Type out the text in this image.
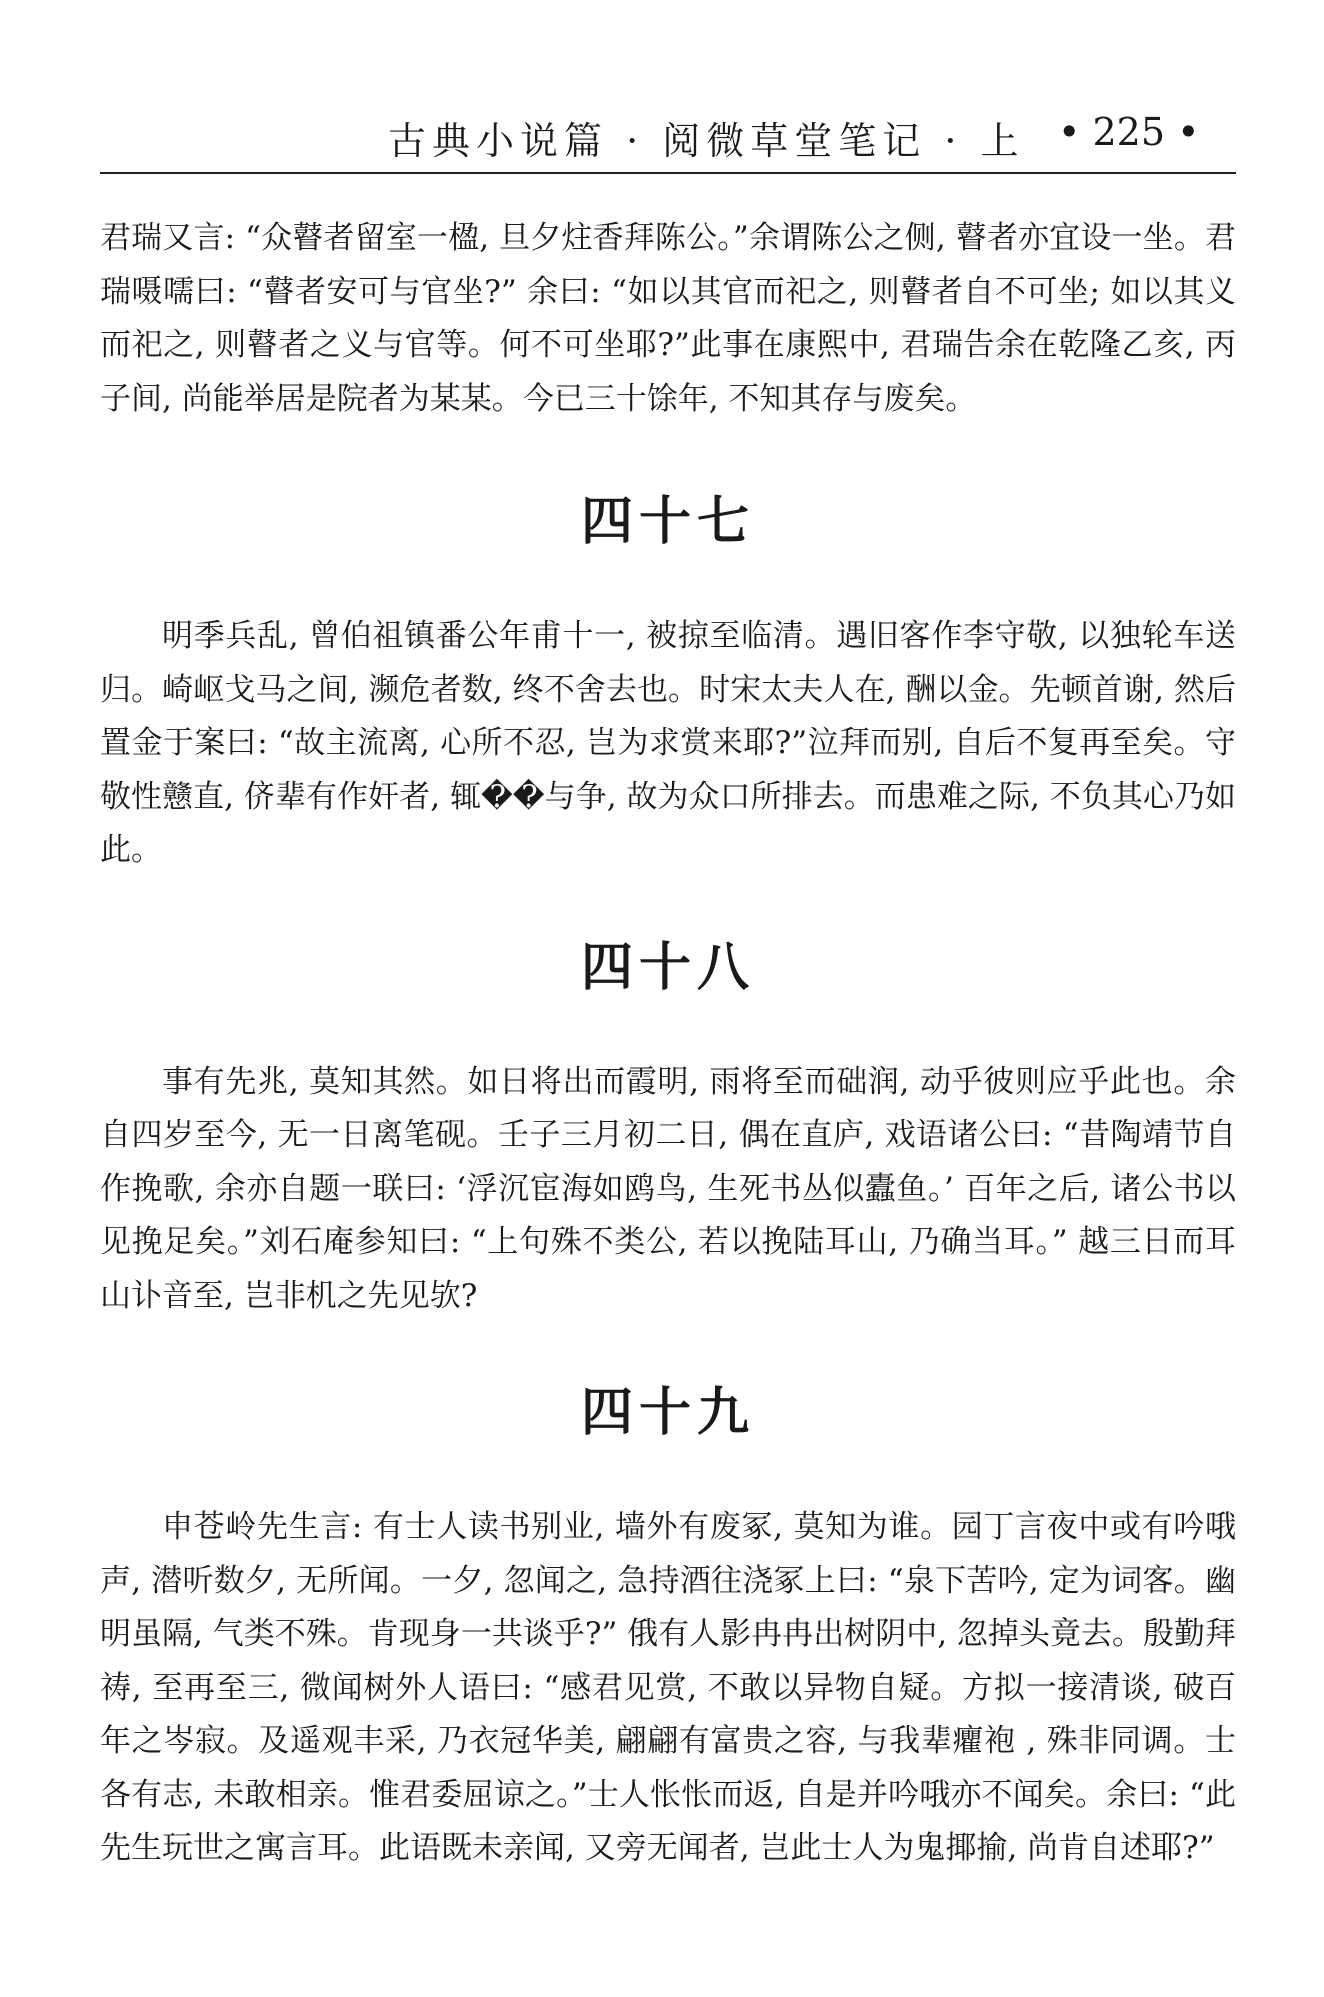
古典小说篇 · 阅微草堂笔记 · 上 • 225 •

君瑞又言: “众瞽者留室一楹, 旦夕炷香拜陈公。”余谓陈公之侧, 瞽者亦宜设一坐。君瑞嗫嚅曰: “瞽者安可与官坐?” 余曰: “如以其官而祀之, 则瞽者自不可坐; 如以其义而祀之, 则瞽者之义与官等。何不可坐耶?”此事在康熙中, 君瑞告余在乾隆乙亥, 丙子间, 尚能举居是院者为某某。今已三十馀年, 不知其存与废矣。

四十七

明季兵乱, 曾伯祖镇番公年甫十一, 被掠至临清。遇旧客作李守敬, 以独轮车送归。崎岖戈马之间, 濒危者数, 终不舍去也。时宋太夫人在, 酬以金。先顿首谢, 然后置金于案曰: “故主流离, 心所不忍, 岂为求赏来耶?”泣拜而别, 自后不复再至矣。守敬性戆直, 侪辈有作奸者, 辄��与争, 故为众口所排去。而患难之际, 不负其心乃如此。

四十八

事有先兆, 莫知其然。如日将出而霞明, 雨将至而础润, 动乎彼则应乎此也。余自四岁至今, 无一日离笔砚。壬子三月初二日, 偶在直庐, 戏语诸公曰: “昔陶靖节自作挽歌, 余亦自题一联曰: ‘浮沉宦海如鸥鸟, 生死书丛似蠹鱼。’ 百年之后, 诸公书以见挽足矣。”刘石庵参知曰: “上句殊不类公, 若以挽陆耳山, 乃确当耳。” 越三日而耳山讣音至, 岂非机之先见欤?

四十九

申苍岭先生言: 有士人读书别业, 墙外有废冢, 莫知为谁。园丁言夜中或有吟哦声, 潜听数夕, 无所闻。一夕, 忽闻之, 急持酒往浇冢上曰: “泉下苦吟, 定为词客。幽明虽隔, 气类不殊。肯现身一共谈乎?” 俄有人影冉冉出树阴中, 忽掉头竟去。殷勤拜祷, 至再至三, 微闻树外人语曰: “感君见赏, 不敢以异物自疑。方拟一接清谈, 破百年之岑寂。及遥观丰采, 乃衣冠华美, 翩翩有富贵之容, 与我辈癯袍 , 殊非同调。士各有志, 未敢相亲。惟君委屈谅之。”士人怅怅而返, 自是并吟哦亦不闻矣。余曰: “此先生玩世之寓言耳。此语既未亲闻, 又旁无闻者, 岂此士人为鬼揶揄, 尚肯自述耶?”
